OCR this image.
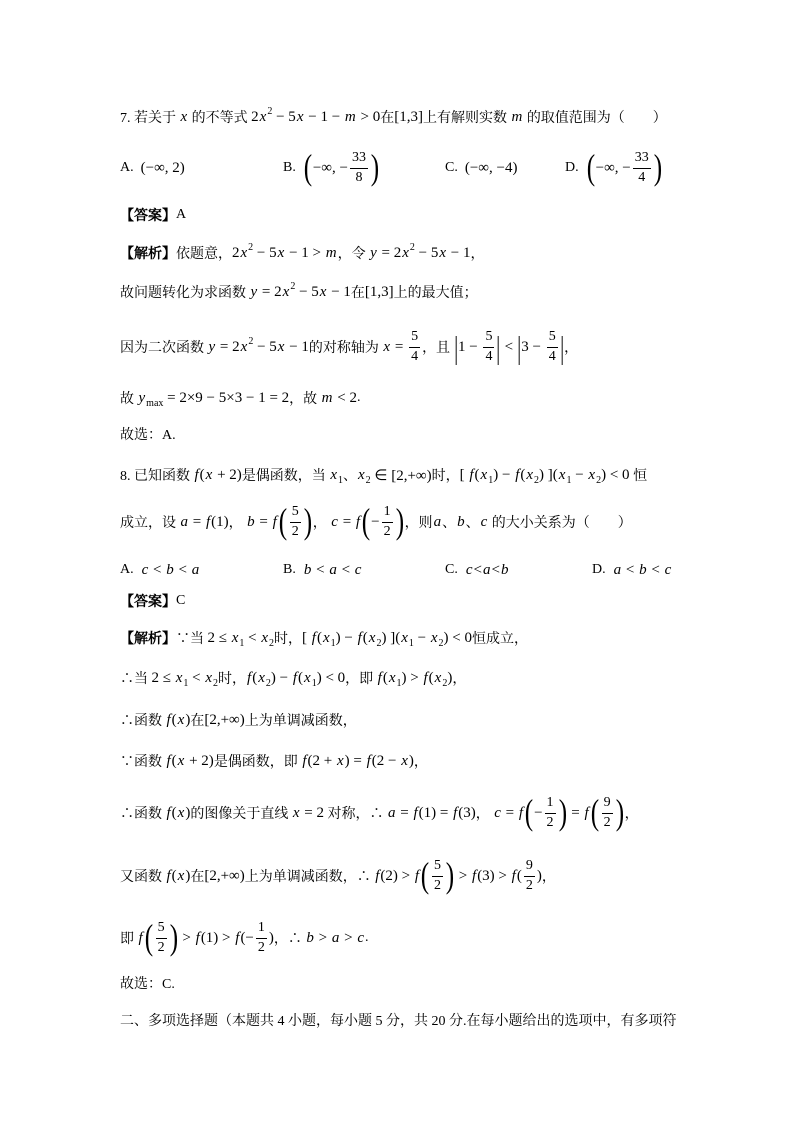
7. 若关于 x 的不等式 2 x 2 − 5 x − 1 − m > 0 在 [1,3] 上有解则实数 m 的取值范围为（　　）
A. (−∞, 2)	B. ( −∞, − $\frac{33}{8}$ )	C. (−∞, −4)	D. ( −∞, − $\frac{33}{4}$ )
【答案】 A
【解析】 依题意， 2 x 2 − 5 x − 1 > m ，令 y = 2 x 2 − 5 x − 1 ，
故问题转化为求函数 y = 2 x 2 − 5 x − 1 在 [1,3] 上的最大值；
因为二次函数 y = 2 x 2 − 5 x − 1 的对称轴为 $x = \frac{5}{4}$ ，且 | $1 - \frac{5}{4}$ | < | $3 - \frac{5}{4}$ | ，
故 y max = 2×9 − 5×3 − 1 = 2 ，故 m < 2 .
故选：A.
8. 已知函数 f ( x + 2) 是偶函数，当 x 1 、 x 2 ∈ [2,+∞) 时， [ f ( x 1 ) − f ( x 2 ) ]( x 1 − x 2 ) < 0 恒
成立，设 a = f (1) ， b = f ( $\frac{5}{2}$ ) ， c = f ( − $\frac{1}{2}$ ) ，则 a 、 b 、 c 的大小关系为（　　）
A. c < b < a	B. b < a < c	C. c < a < b	D. a < b < c
【答案】 C
【解析】 ∵当 2 ≤ x 1 < x 2 时， [ f ( x 1 ) − f ( x 2 ) ]( x 1 − x 2 ) < 0 恒成立，
∴当 2 ≤ x 1 < x 2 时， f ( x 2 ) − f ( x 1 ) < 0 ，即 f ( x 1 ) > f ( x 2 ) ，
∴函数 f ( x ) 在 [2,+∞) 上为单调减函数，
∵函数 f ( x + 2) 是偶函数，即 f (2 + x ) = f (2 − x ) ，
∴函数 f ( x ) 的图像关于直线 x = 2 对称，∴ a = f (1) = f (3) ， c = f ( − $\frac{1}{2}$ ) = f ( $\frac{9}{2}$ ) ，
又函数 f ( x ) 在 [2,+∞) 上为单调减函数，∴ f (2) > f ( $\frac{5}{2}$ ) > f (3) > f ( $\frac{9}{2}$ ) ，
即 f ( $\frac{5}{2}$ ) > f (1) > f (− $\frac{1}{2}$ ) ，∴ b > a > c .
故选：C.
二、多项选择题（本题共 4 小题，每小题 5 分，共 20 分.在每小题给出的选项中，有多项符
